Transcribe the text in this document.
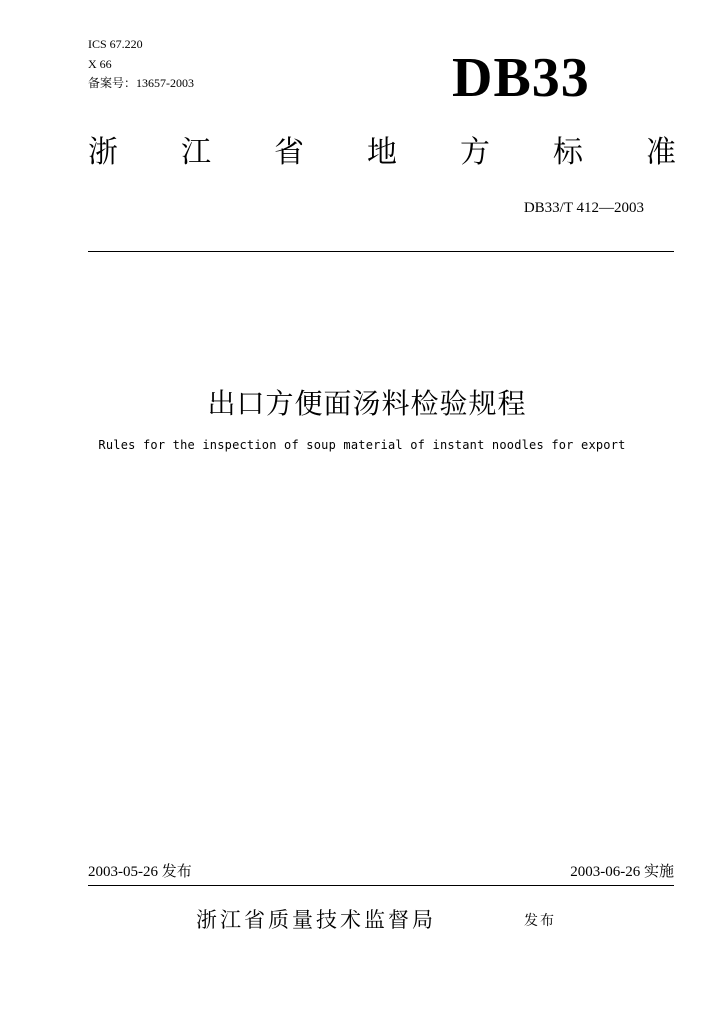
ICS 67.220
X 66
备案号：13657-2003	DB33
浙 江 省 地 方 标 准
DB33/T 412—2003
出口方便面汤料检验规程
Rules for the inspection of soup material of instant noodles for export
2003-05-26 发布	2003-06-26 实施
浙江省质量技术监督局	发布
